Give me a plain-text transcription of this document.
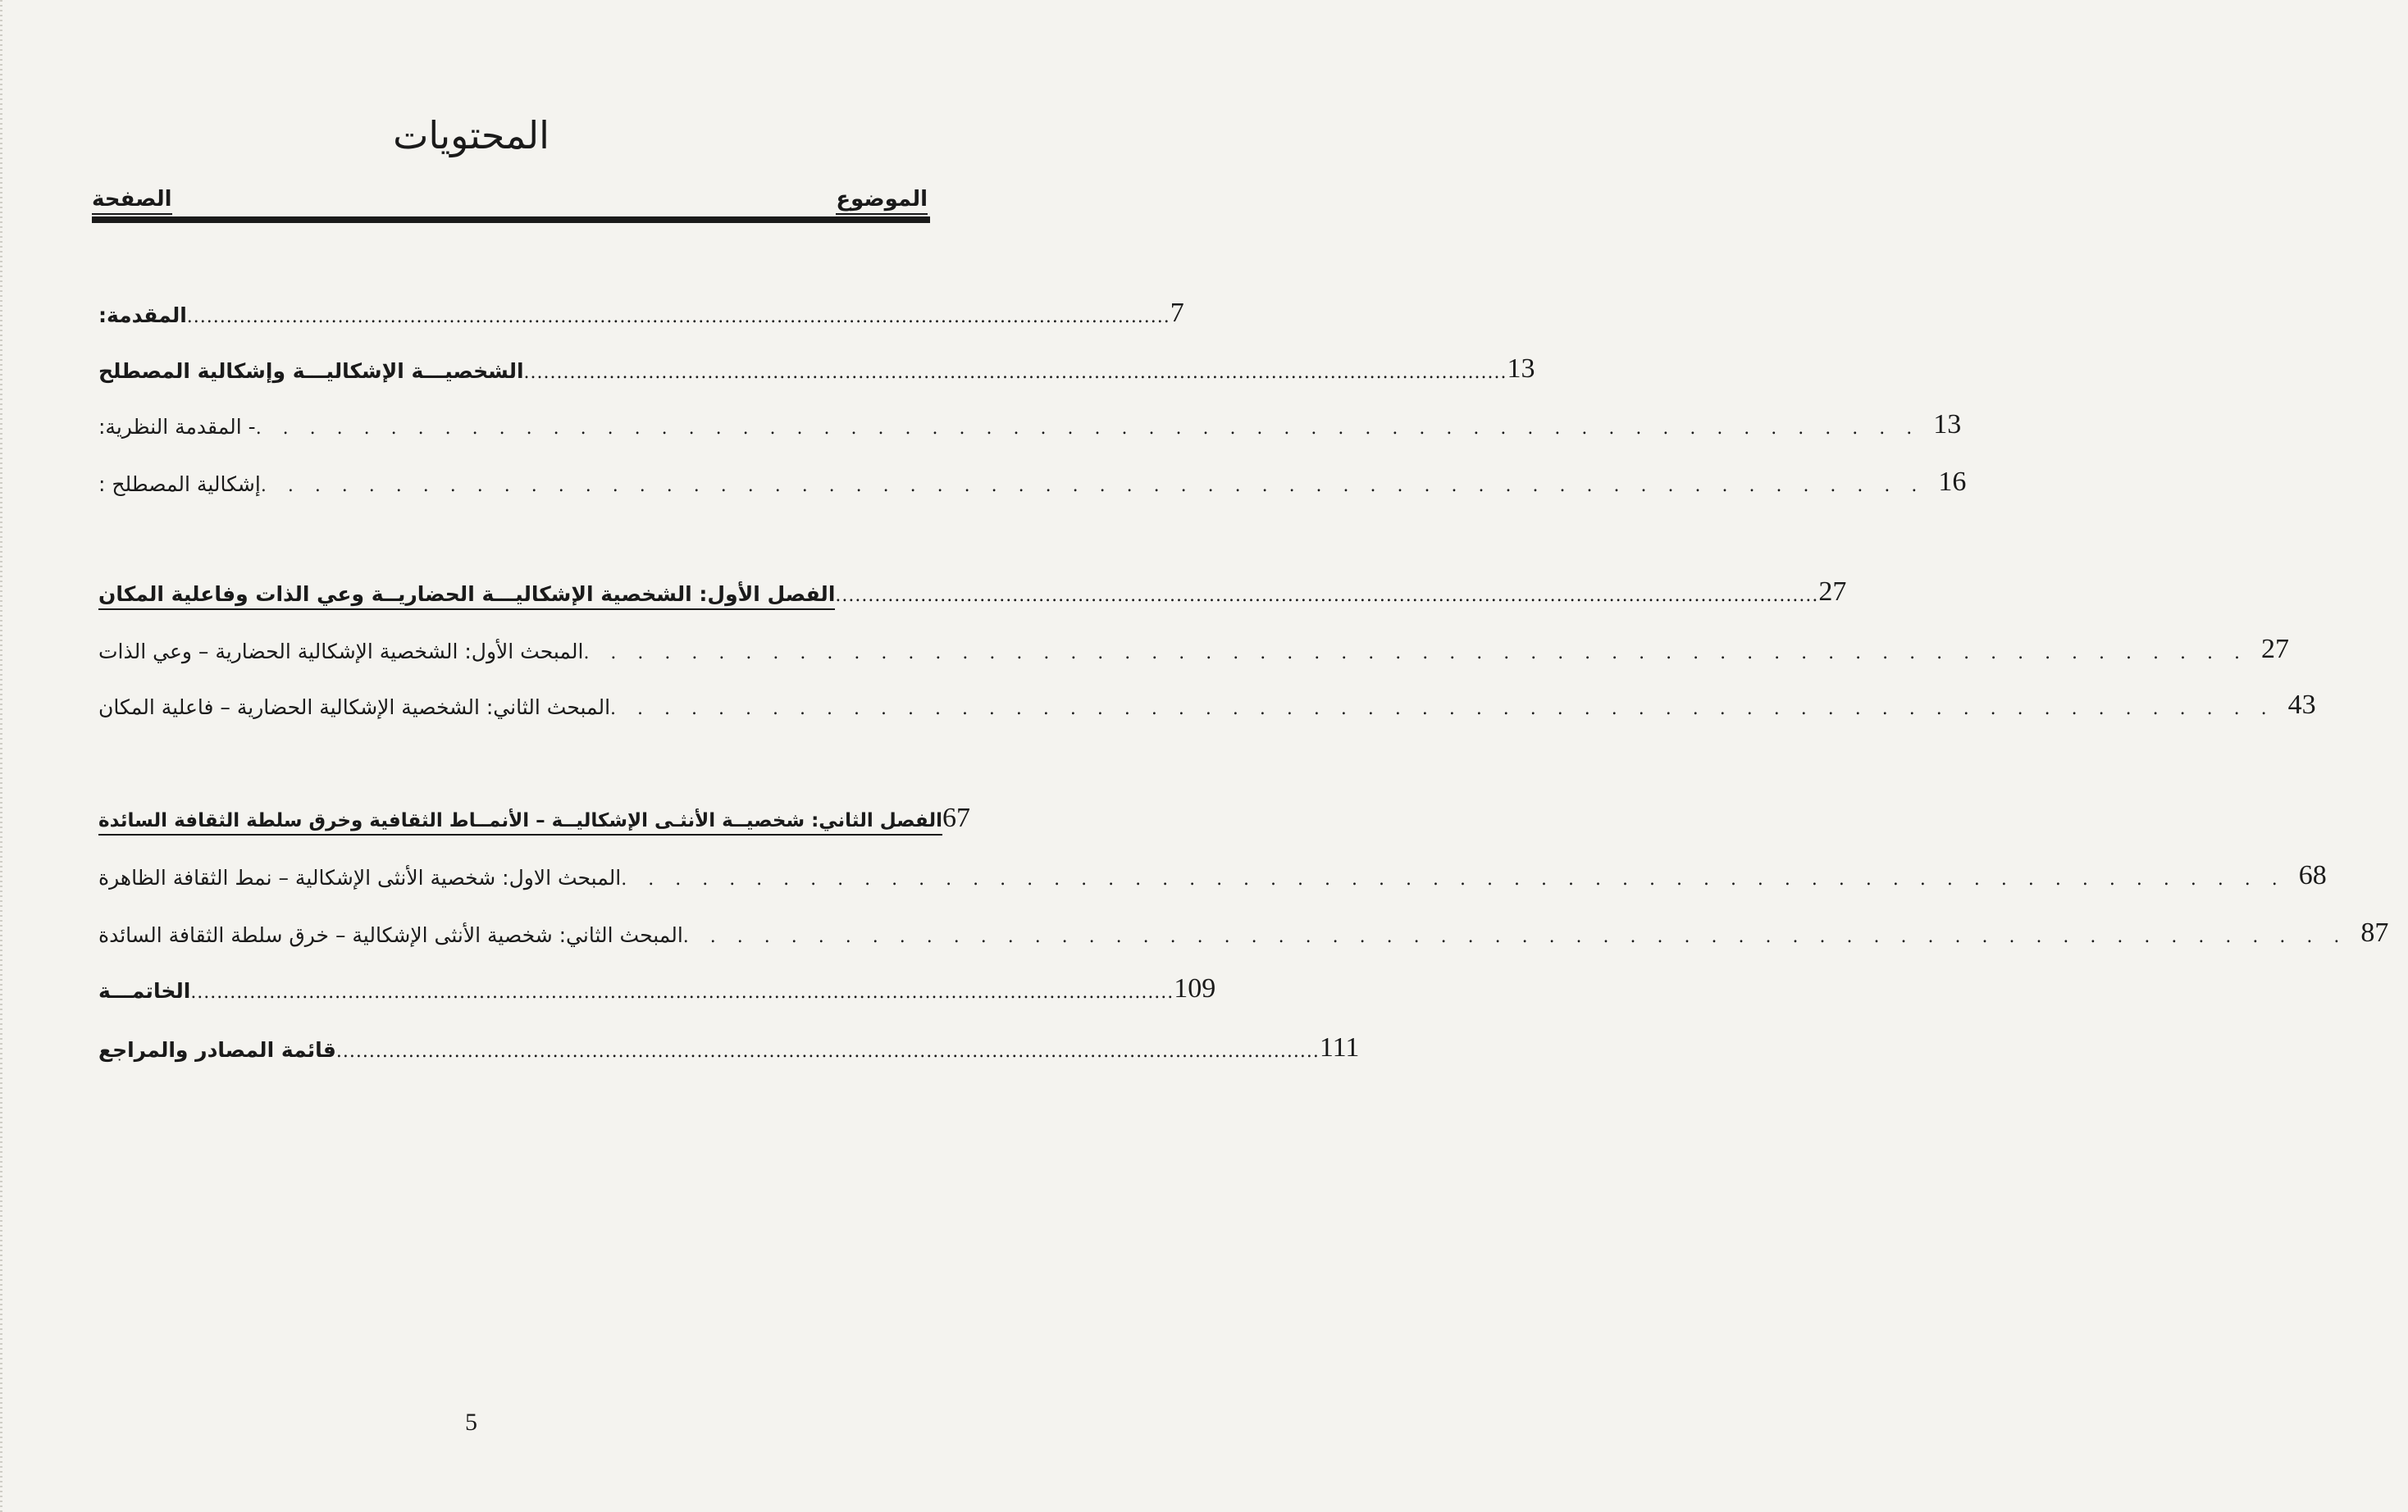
المحتويات
الموضوع
الصفحة
المقدمة: ...................................................................................................................................................... 7
الشخصيـــة الإشكاليـــة وإشكالية المصطلح ...................................................................................................................................................... 13
- المقدمة النظرية: .............................................................. 13
إشكالية المصطلح : .............................................................. 16
الفصل الأول: الشخصية الإشكاليـــة الحضاريــة وعي الذات وفاعلية المكان ...................................................................................................................................................... 27
المبحث الأول: الشخصية الإشكالية الحضارية – وعي الذات .............................................................. 27
المبحث الثاني: الشخصية الإشكالية الحضارية – فاعلية المكان .............................................................. 43
الفصل الثاني: شخصيــة الأنثـى الإشكاليــة – الأنمــاط الثقافية وخرق سلطة الثقافة السائدة 67
المبحث الاول: شخصية الأنثى الإشكالية – نمط الثقافة الظاهرة .............................................................. 68
المبحث الثاني: شخصية الأنثى الإشكالية – خرق سلطة الثقافة السائدة .............................................................. 87
الخاتمـــة ...................................................................................................................................................... 109
قائمة المصادر والمراجع ...................................................................................................................................................... 111
5
